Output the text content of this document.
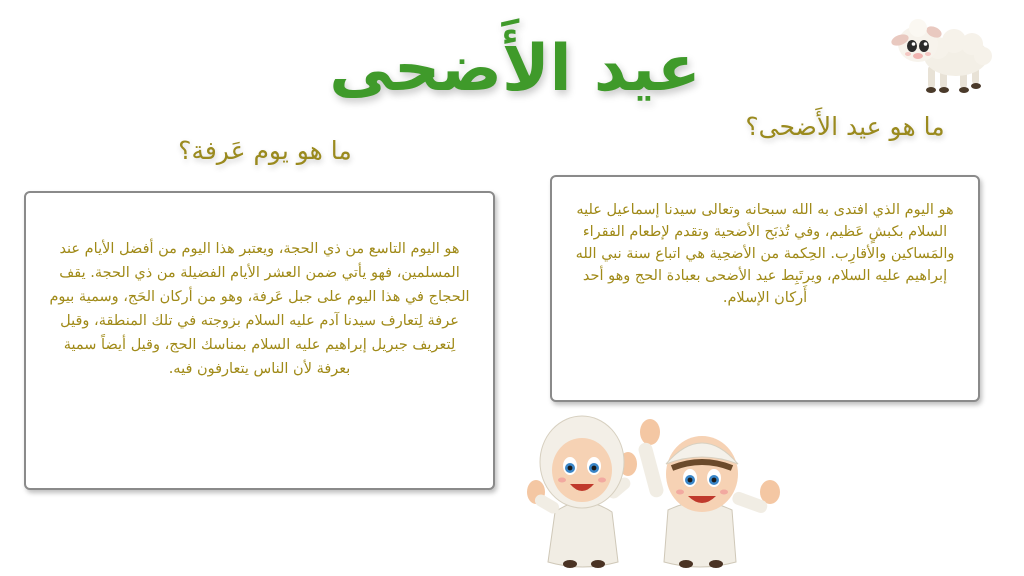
عيد الأَضحى
ما هو عيد الأَضحى؟
ما هو يوم عَرفة؟
هو اليوم التاسع من ذي الحجة، ويعتبر هذا اليوم من أفضل الأيام عند المسلمين، فهو يأتي ضمن العشر الأيام الفضيلة من ذي الحجة. يقف الحجاج في هذا اليوم على جبل عَرفة، وهو من أركان الحَج، وسمية بيوم عرفة لِتعارف سيدنا آدم عليه السلام بزوجته في تلك المنطقة، وقيل لِتعريف جبريل إبراهيم عليه السلام بمناسك الحج، وقيل أيضاً سمية بعرفة لأن الناس يتعارفون فيه.
هو اليوم الذي افتدى به الله سبحانه وتعالى سيدنا إسماعيل عليه السلام بكبشٍ عَظيم، وفي تُذبَح الأضحية وتقدم لإطعام الفقراء والمَساكين والأقارِب. الحِكمة من الأضحِية هي اتباع سنة نبي الله إبراهيم عليه السلام، ويرتَبِط عيد الأضحى بعبادة الحج وهو أحد أَركان الإسلام.
